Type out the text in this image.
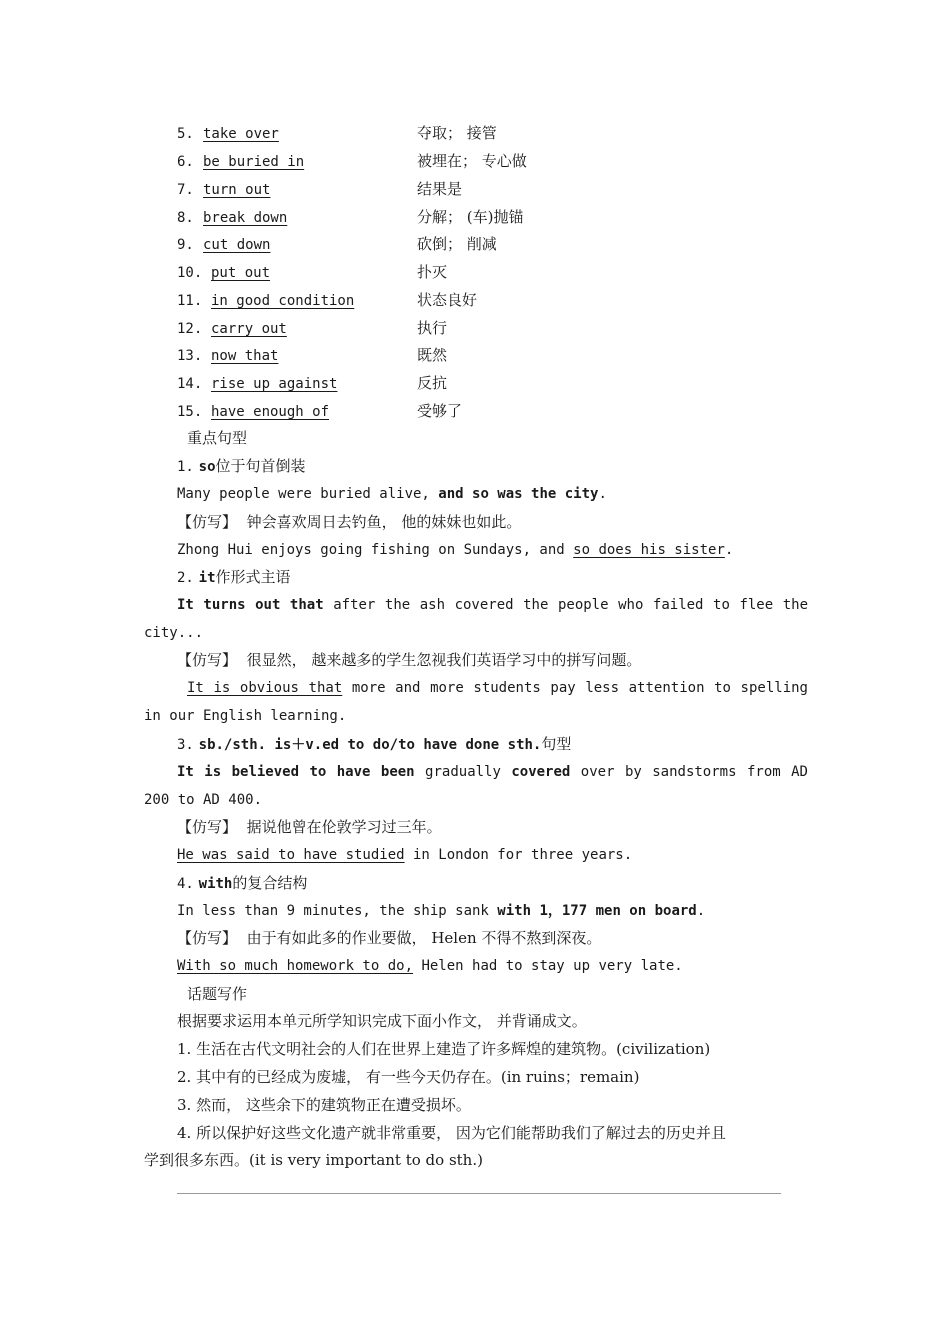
5. take over	夺取； 接管
6. be buried in	被埋在； 专心做
7. turn out	结果是
8. break down	分解； (车)抛锚
9. cut down	砍倒； 削减
10. put out	扑灭
11. in good condition	状态良好
12. carry out	执行
13. now that	既然
14. rise up against	反抗
15. have enough of	受够了
重点句型
1. so位于句首倒装
Many people were buried alive, and so was the city.
【仿写】 钟会喜欢周日去钓鱼， 他的妹妹也如此。
Zhong Hui enjoys going fishing on Sundays, and so does his sister.
2. it作形式主语
It turns out that after the ash covered the people who failed to flee the
city...
【仿写】 很显然， 越来越多的学生忽视我们英语学习中的拼写问题。
It is obvious that more and more students pay less attention to spelling
in our English learning.
3. sb./sth. is＋v.ed to do/to have done sth.句型
It is believed to have been gradually covered over by sandstorms from AD
200 to AD 400.
【仿写】 据说他曾在伦敦学习过三年。
He was said to have studied in London for three years.
4. with的复合结构
In less than 9 minutes, the ship sank with 1，177 men on board.
【仿写】 由于有如此多的作业要做， Helen 不得不熬到深夜。
With so much homework to do, Helen had to stay up very late.
话题写作
根据要求运用本单元所学知识完成下面小作文， 并背诵成文。
1. 生活在古代文明社会的人们在世界上建造了许多辉煌的建筑物。(civilization)
2. 其中有的已经成为废墟， 有一些今天仍存在。(in ruins；remain)
3. 然而， 这些余下的建筑物正在遭受损坏。
4. 所以保护好这些文化遗产就非常重要， 因为它们能帮助我们了解过去的历史并且
学到很多东西。(it is very important to do sth.)
